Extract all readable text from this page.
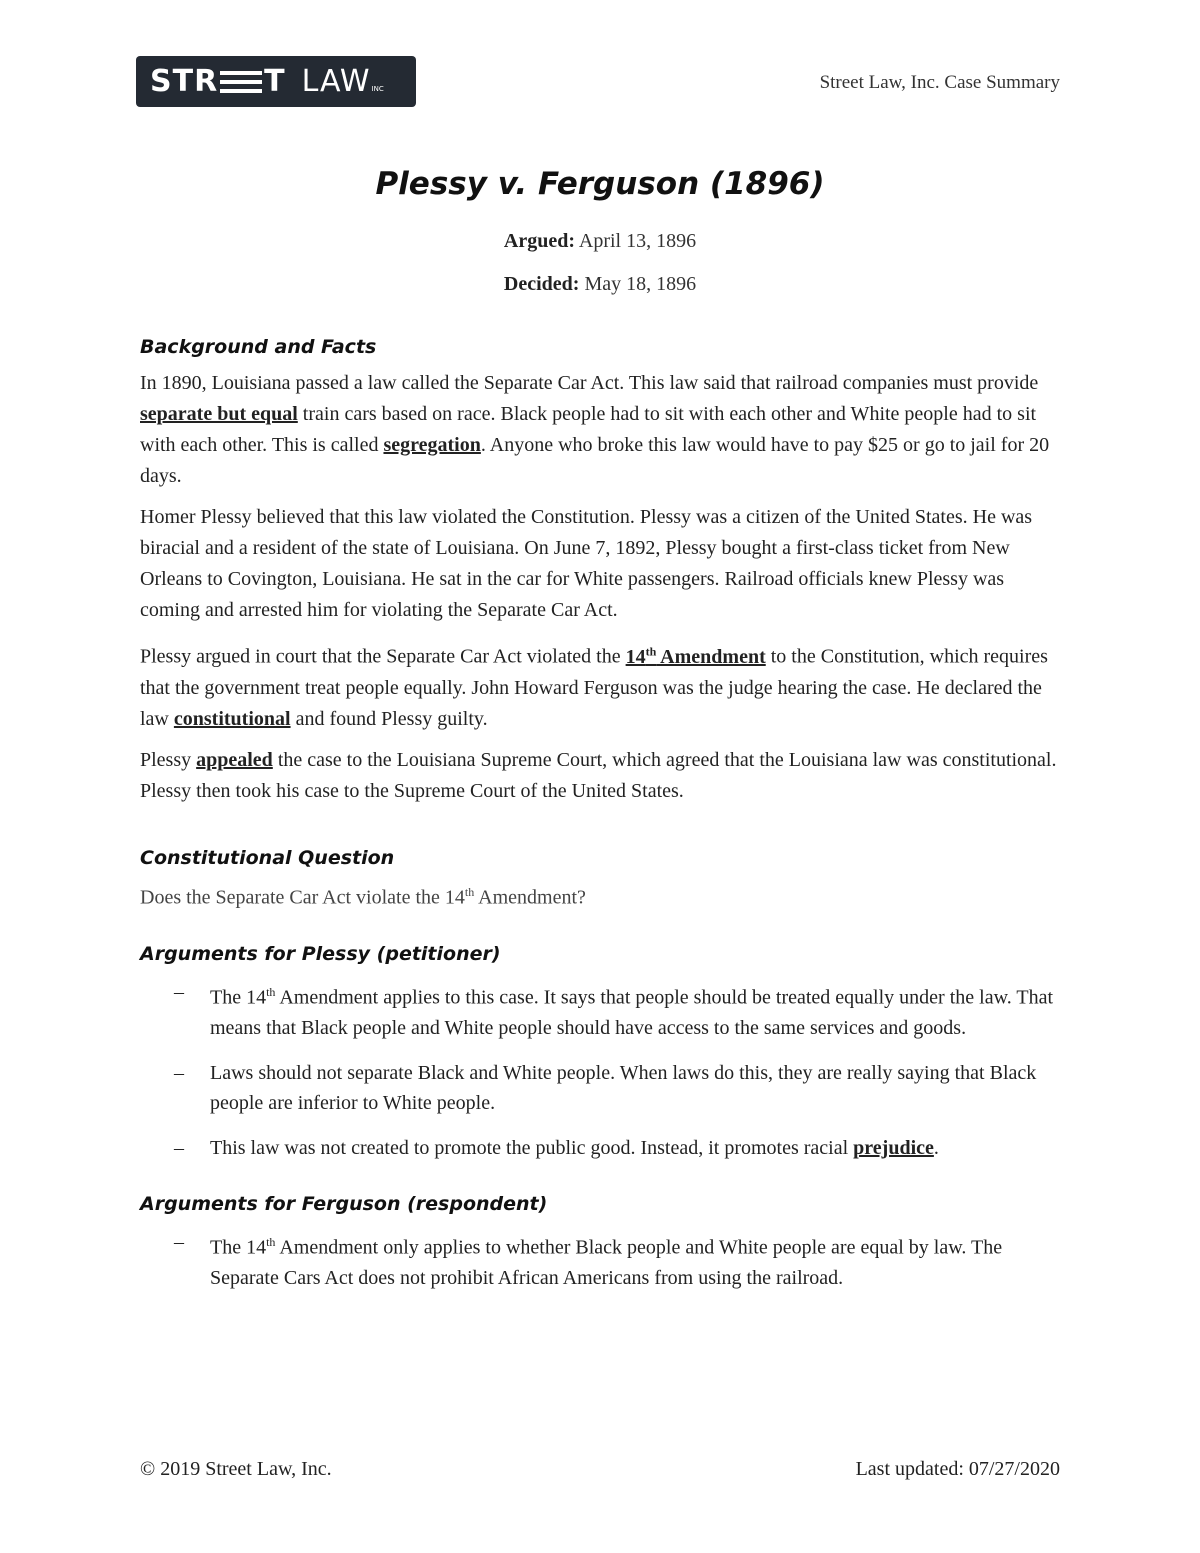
STR T LAW INC	Street Law, Inc. Case Summary
Plessy v. Ferguson (1896)
Argued: April 13, 1896
Decided: May 18, 1896
Background and Facts

In 1890, Louisiana passed a law called the Separate Car Act. This law said that railroad companies must provide separate but equal train cars based on race. Black people had to sit with each other and White people had to sit with each other. This is called segregation. Anyone who broke this law would have to pay $25 or go to jail for 20 days.

Homer Plessy believed that this law violated the Constitution. Plessy was a citizen of the United States. He was biracial and a resident of the state of Louisiana. On June 7, 1892, Plessy bought a first-class ticket from New Orleans to Covington, Louisiana. He sat in the car for White passengers. Railroad officials knew Plessy was coming and arrested him for violating the Separate Car Act.

Plessy argued in court that the Separate Car Act violated the 14th Amendment to the Constitution, which requires that the government treat people equally. John Howard Ferguson was the judge hearing the case. He declared the law constitutional and found Plessy guilty.

Plessy appealed the case to the Louisiana Supreme Court, which agreed that the Louisiana law was constitutional. Plessy then took his case to the Supreme Court of the United States.

Constitutional Question

Does the Separate Car Act violate the 14th Amendment?

Arguments for Plessy (petitioner)
– The 14th Amendment applies to this case. It says that people should be treated equally under the law. That means that Black people and White people should have access to the same services and goods.
– Laws should not separate Black and White people. When laws do this, they are really saying that Black people are inferior to White people.
– This law was not created to promote the public good. Instead, it promotes racial prejudice.
Arguments for Ferguson (respondent)
– The 14th Amendment only applies to whether Black people and White people are equal by law. The Separate Cars Act does not prohibit African Americans from using the railroad.
© 2019 Street Law, Inc.	Last updated: 07/27/2020
